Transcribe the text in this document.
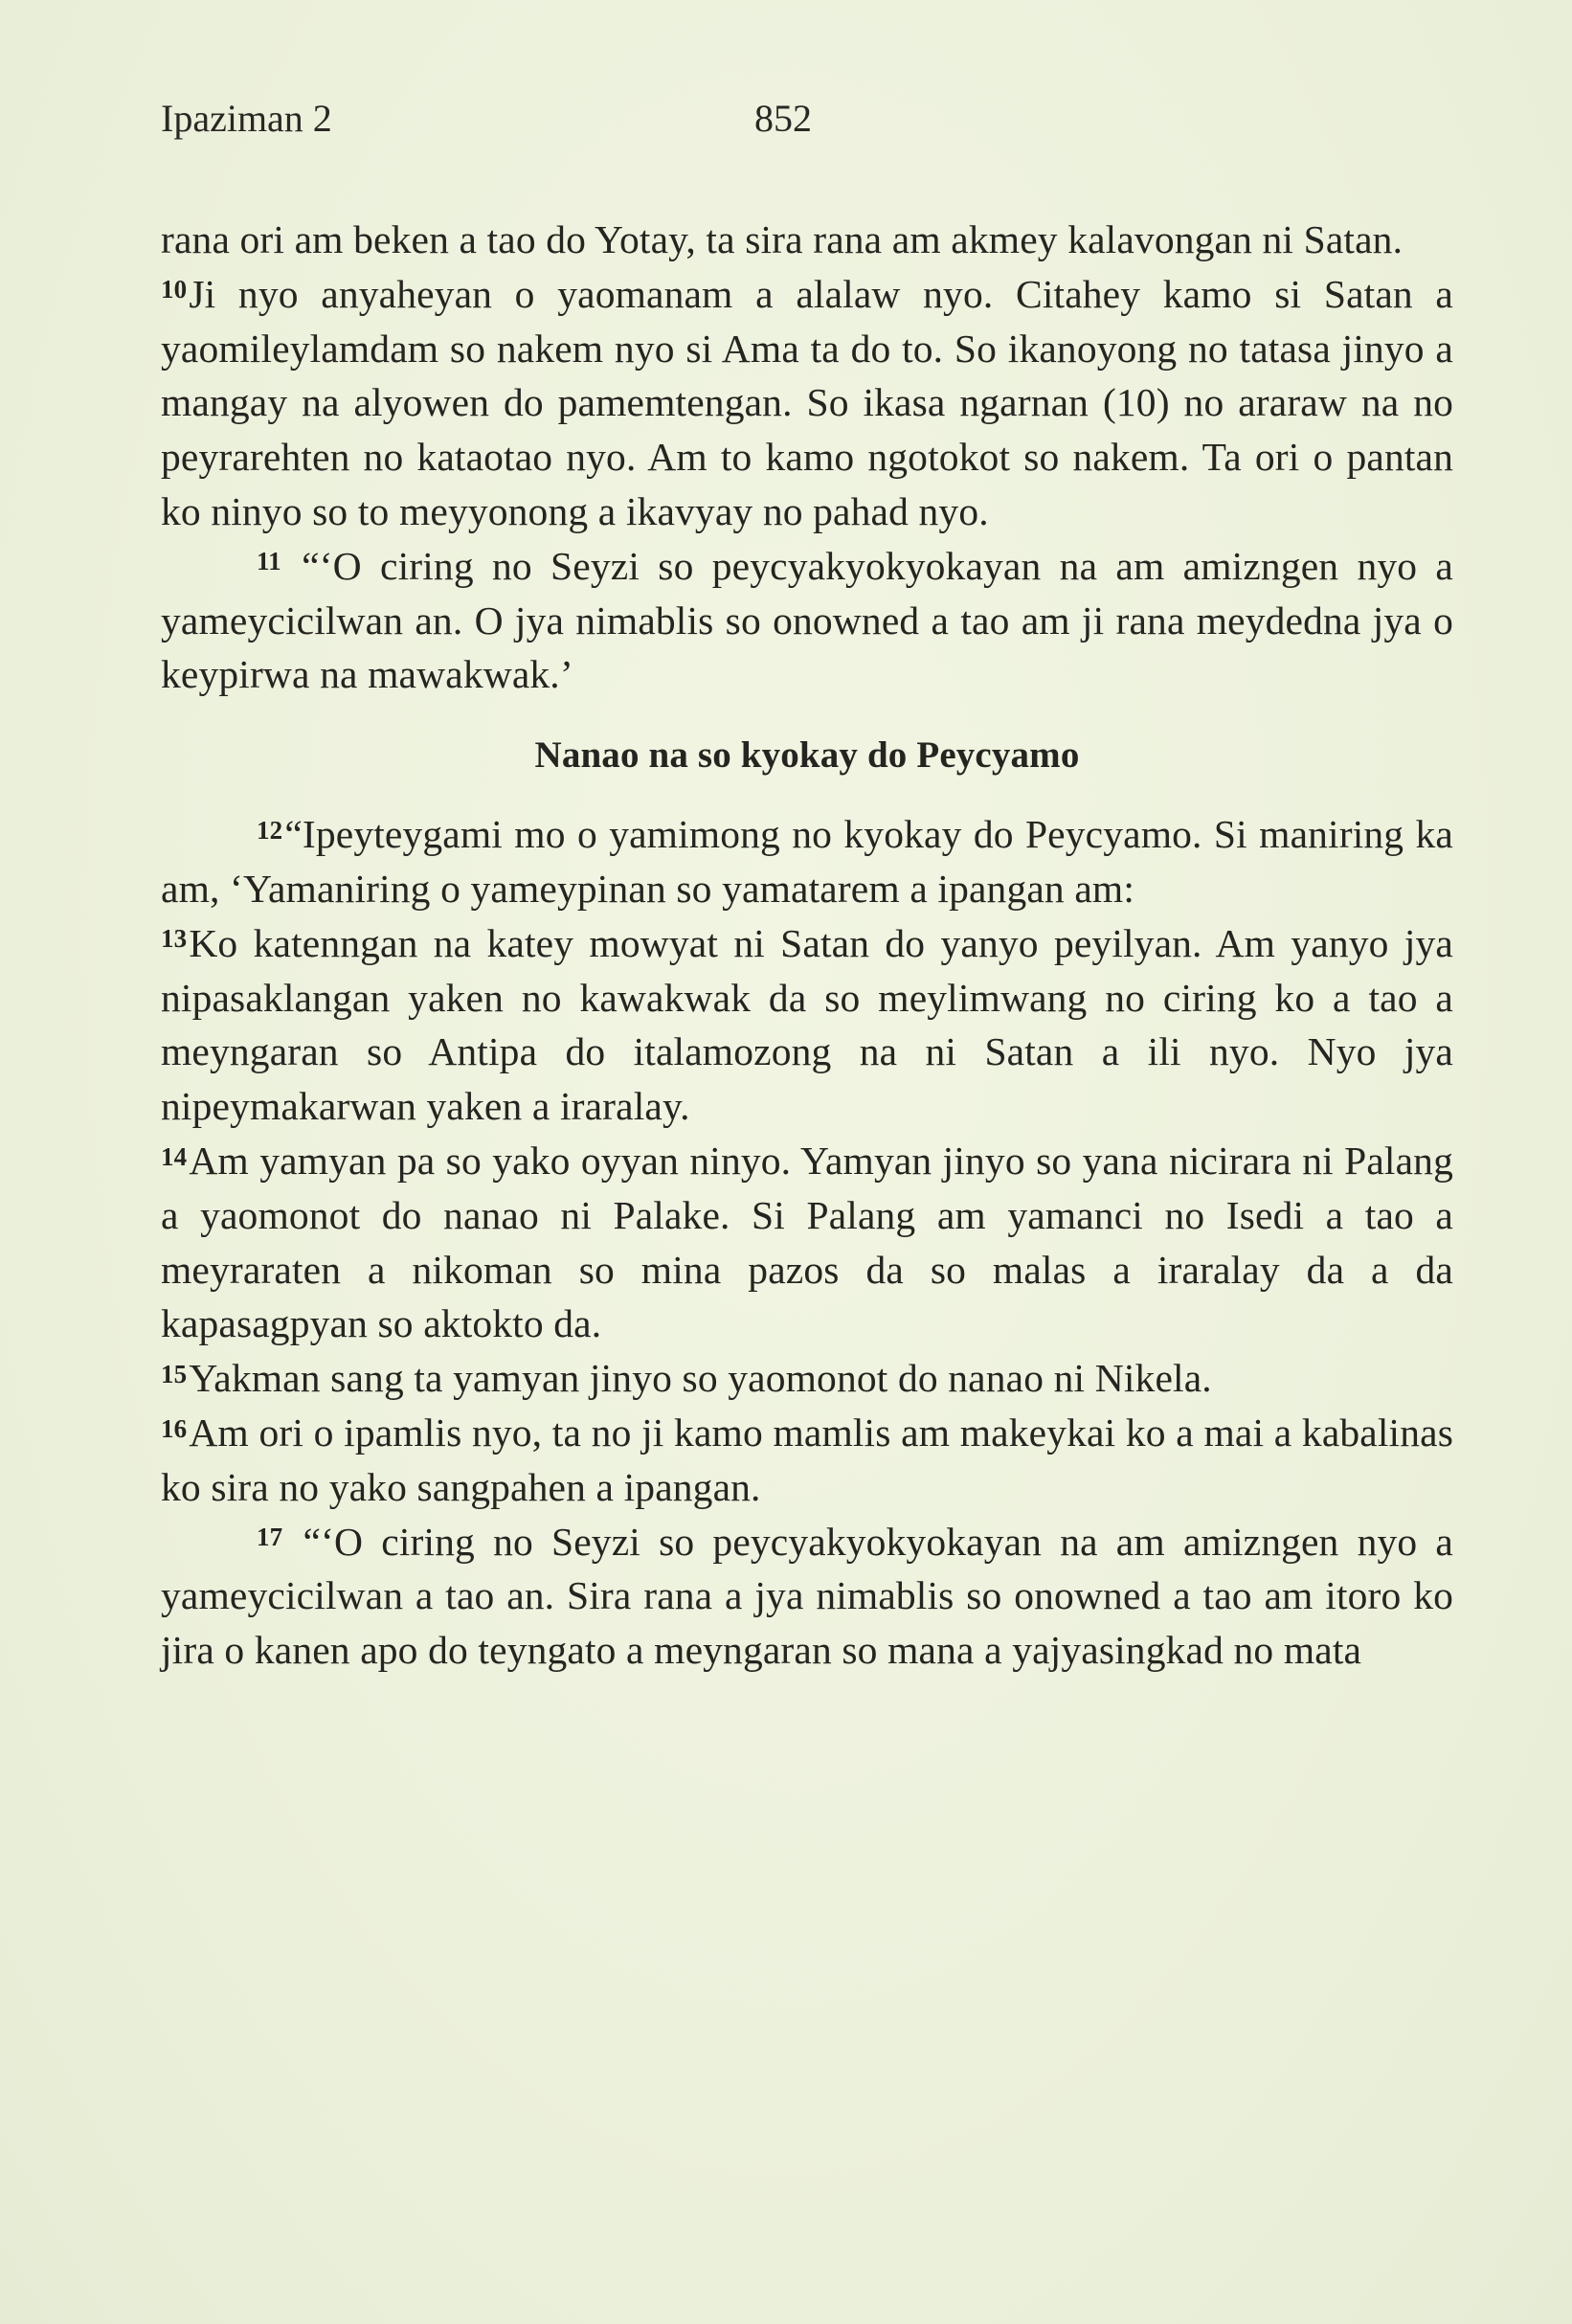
Ipaziman 2	852

rana ori am beken a tao do Yotay, ta sira rana am akmey kalavongan ni Satan.

$^{10}$Ji nyo anyaheyan o yaomanam a alalaw nyo. Citahey kamo si Satan a yaomileylamdam so nakem nyo si Ama ta do to. So ikanoyong no tatasa jinyo a mangay na alyowen do pamemtengan. So ikasa ngarnan (10) no araraw na no peyrarehten no kataotao nyo. Am to kamo ngotokot so nakem. Ta ori o pantan ko ninyo so to meyyonong a ikavyay no pahad nyo.

$^{11}$ “‘O ciring no Seyzi so peycyakyokyokayan na am amizngen nyo a yameycicilwan an. O jya nimablis so onowned a tao am ji rana meydedna jya o keypirwa na mawakwak.’

Nanao na so kyokay do Peycyamo

$^{12}$“Ipeyteygami mo o yamimong no kyokay do Peycyamo. Si maniring ka am, ‘Yamaniring o yameypinan so yamatarem a ipangan am:

$^{13}$Ko katenngan na katey mowyat ni Satan do yanyo peyilyan. Am yanyo jya nipasaklangan yaken no kawakwak da so meylimwang no ciring ko a tao a meyngaran so Antipa do italamozong na ni Satan a ili nyo. Nyo jya nipeymakarwan yaken a iraralay.

$^{14}$Am yamyan pa so yako oyyan ninyo. Yamyan jinyo so yana nicirara ni Palang a yaomonot do nanao ni Palake. Si Palang am yamanci no Isedi a tao a meyraraten a nikoman so mina pazos da so malas a iraralay da a da kapasagpyan so aktokto da.

$^{15}$Yakman sang ta yamyan jinyo so yaomonot do nanao ni Nikela.

$^{16}$Am ori o ipamlis nyo, ta no ji kamo mamlis am makeykai ko a mai a kabalinas ko sira no yako sangpahen a ipangan.

$^{17}$ “‘O ciring no Seyzi so peycyakyokyokayan na am amizngen nyo a yameycicilwan a tao an. Sira rana a jya nimablis so onowned a tao am itoro ko jira o kanen apo do teyngato a meyngaran so mana a yajyasingkad no mata
